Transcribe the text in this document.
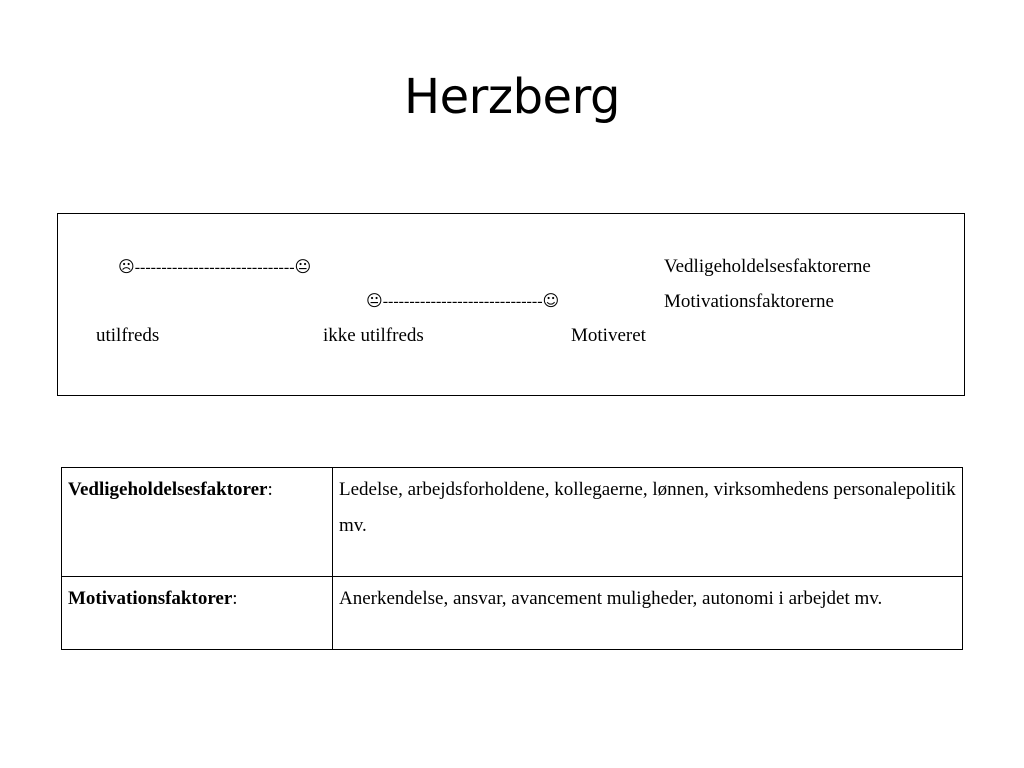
Herzberg
☹------------------------------😐	Vedligeholdelsesfaktorerne
😐------------------------------☺	Motivationsfaktorerne
utilfreds	ikke utilfreds	Motiveret
Vedligeholdelsesfaktorer:	Ledelse, arbejdsforholdene, kollegaerne, lønnen, virksomhedens personalepolitik mv.
Motivationsfaktorer:	Anerkendelse, ansvar, avancement muligheder, autonomi i arbejdet mv.
